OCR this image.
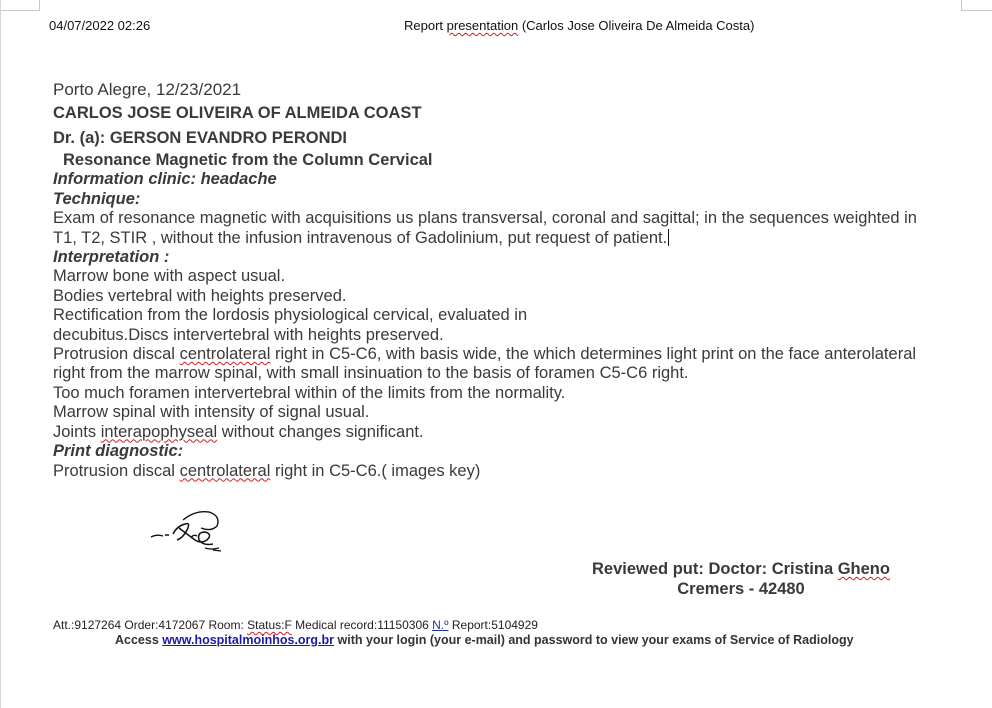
04/07/2022 02:26	Report presentation (Carlos Jose Oliveira De Almeida Costa)

Porto Alegre, 12/23/2021

CARLOS JOSE OLIVEIRA OF ALMEIDA COAST

Dr. (a): GERSON EVANDRO PERONDI

Resonance Magnetic from the Column Cervical

Information clinic: headache

Technique:

Exam of resonance magnetic with acquisitions us plans transversal, coronal and sagittal; in the sequences weighted in T1, T2, STIR , without the infusion intravenous of Gadolinium, put request of patient.

Interpretation :

Marrow bone with aspect usual.

Bodies vertebral with heights preserved.

Rectification from the lordosis physiological cervical, evaluated in

decubitus.Discs intervertebral with heights preserved.

Protrusion discal centrolateral right in C5-C6, with basis wide, the which determines light print on the face anterolateral right from the marrow spinal, with small insinuation to the basis of foramen C5-C6 right.

Too much foramen intervertebral within of the limits from the normality.

Marrow spinal with intensity of signal usual.

Joints interapophyseal without changes significant.

Print diagnostic:

Protrusion discal centrolateral right in C5-C6.( images key)

Reviewed put: Doctor: Cristina Gheno
Cremers - 42480
Att.:9127264 Order:4172067 Room: Status:F Medical record:11150306 N.º Report:5104929
Access www.hospitalmoinhos.org.br with your login (your e-mail) and password to view your exams of Service of Radiology
